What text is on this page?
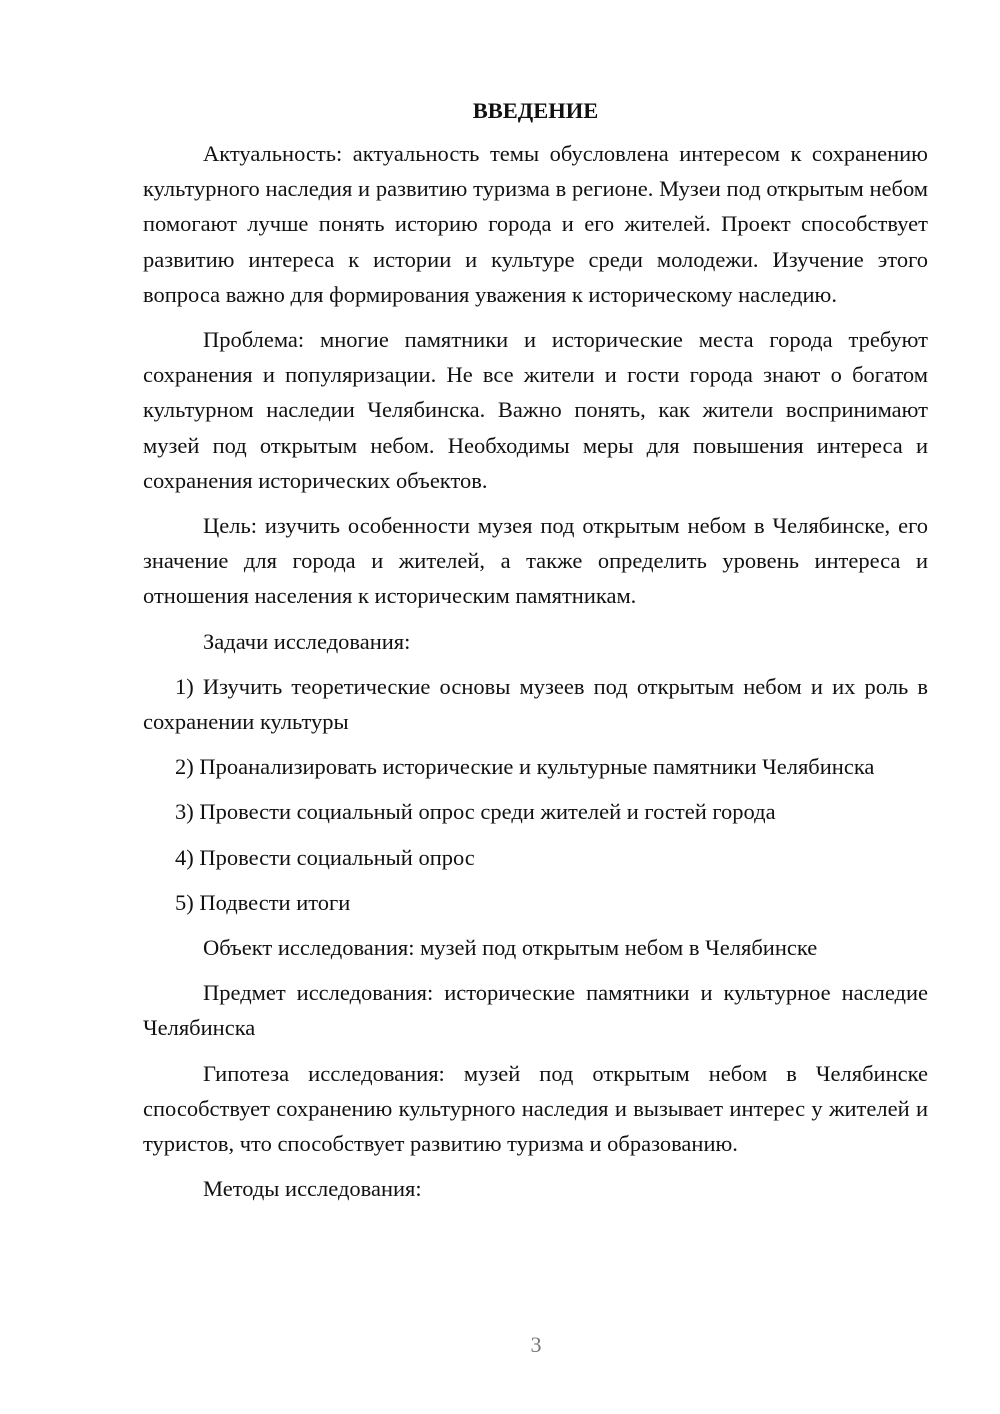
ВВЕДЕНИЕ

Актуальность: актуальность темы обусловлена интересом к сохранению культурного наследия и развитию туризма в регионе. Музеи под открытым небом помогают лучше понять историю города и его жителей. Проект способствует развитию интереса к истории и культуре среди молодежи. Изучение этого вопроса важно для формирования уважения к историческому наследию.

Проблема: многие памятники и исторические места города требуют сохранения и популяризации. Не все жители и гости города знают о богатом культурном наследии Челябинска. Важно понять, как жители воспринимают музей под открытым небом. Необходимы меры для повышения интереса и сохранения исторических объектов.

Цель: изучить особенности музея под открытым небом в Челябинске, его значение для города и жителей, а также определить уровень интереса и отношения населения к историческим памятникам.

Задачи исследования:

1) Изучить теоретические основы музеев под открытым небом и их роль в сохранении культуры

2) Проанализировать исторические и культурные памятники Челябинска

3) Провести социальный опрос среди жителей и гостей города

4) Провести социальный опрос

5) Подвести итоги

Объект исследования: музей под открытым небом в Челябинске

Предмет исследования: исторические памятники и культурное наследие Челябинска

Гипотеза исследования: музей под открытым небом в Челябинске способствует сохранению культурного наследия и вызывает интерес у жителей и туристов, что способствует развитию туризма и образованию.

Методы исследования:

3
